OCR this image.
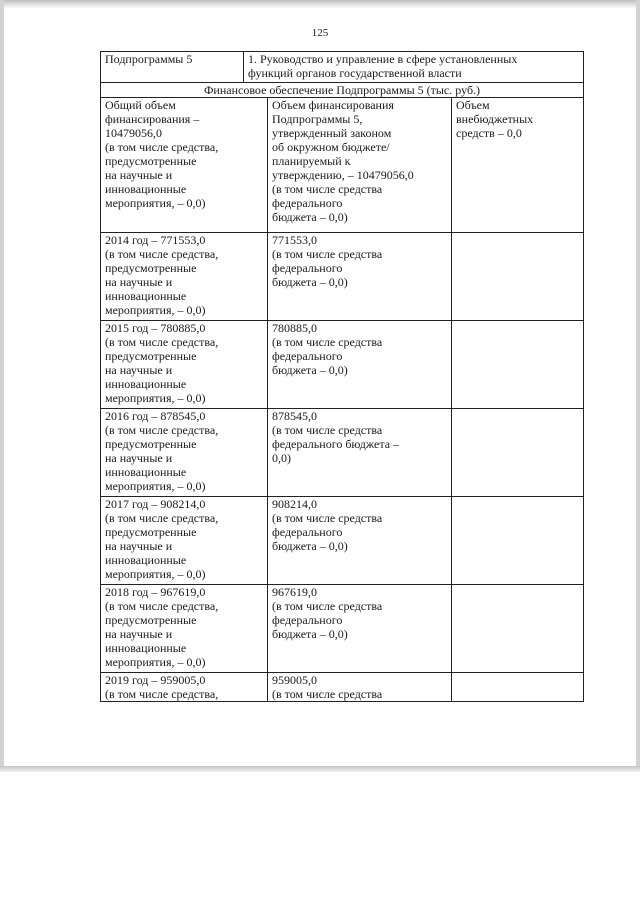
125
Подпрограммы 5	1. Руководство и управление в сфере установленных
функций органов государственной власти
Финансовое обеспечение Подпрограммы 5 (тыс. руб.)
Общий объем
финансирования –
10479056,0
(в том числе средства,
предусмотренные
на научные и
инновационные
мероприятия, – 0,0)
Объем финансирования
Подпрограммы 5,
утвержденный законом
об окружном бюджете/
планируемый к
утверждению, – 10479056,0
(в том числе средства
федерального
бюджета – 0,0)
Объем
внебюджетных
средств – 0,0
2014 год – 771553,0
(в том числе средства,
предусмотренные
на научные и
инновационные
мероприятия, – 0,0)
771553,0
(в том числе средства
федерального
бюджета – 0,0)
2015 год – 780885,0
(в том числе средства,
предусмотренные
на научные и
инновационные
мероприятия, – 0,0)
780885,0
(в том числе средства
федерального
бюджета – 0,0)
2016 год – 878545,0
(в том числе средства,
предусмотренные
на научные и
инновационные
мероприятия, – 0,0)
878545,0
(в том числе средства
федерального бюджета –
0,0)
2017 год – 908214,0
(в том числе средства,
предусмотренные
на научные и
инновационные
мероприятия, – 0,0)
908214,0
(в том числе средства
федерального
бюджета – 0,0)
2018 год – 967619,0
(в том числе средства,
предусмотренные
на научные и
инновационные
мероприятия, – 0,0)
967619,0
(в том числе средства
федерального
бюджета – 0,0)
2019 год – 959005,0
(в том числе средства,
959005,0
(в том числе средства
